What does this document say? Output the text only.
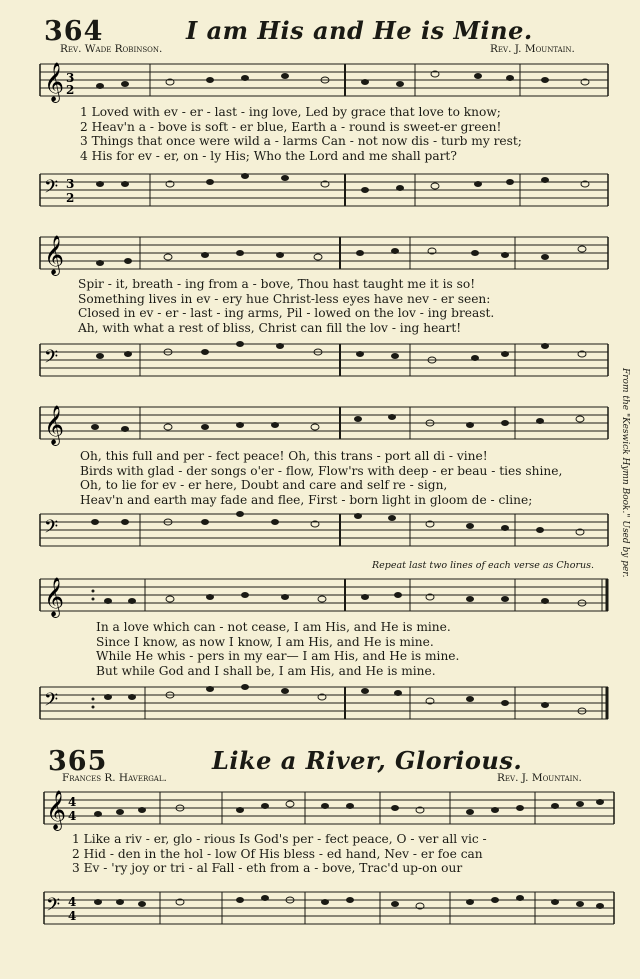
364	I am His and He is Mine.
Rev. Wade Robinson.	Rev. J. Mountain.
𝄞 3
2
1 Loved with ev - er - last - ing love, Led by grace that love to know;
2 Heav'n a - bove is soft - er blue, Earth a - round is sweet-er green!
3 Things that once were wild a - larms Can - not now dis - turb my rest;
4 His for ev - er, on - ly His; Who the Lord and me shall part?
𝄢 3
2
𝄞
Spir - it, breath - ing from a - bove, Thou hast taught me it is so!
Something lives in ev - ery hue Christ-less eyes have nev - er seen:
Closed in ev - er - last - ing arms, Pil - lowed on the lov - ing breast.
Ah, with what a rest of bliss, Christ can fill the lov - ing heart!
𝄢
𝄞
Oh, this full and per - fect peace! Oh, this trans - port all di - vine!
Birds with glad - der songs o'er - flow, Flow'rs with deep - er beau - ties shine,
Oh, to lie for ev - er here, Doubt and care and self re - sign,
Heav'n and earth may fade and flee, First - born light in gloom de - cline;
𝄢
Repeat last two lines of each verse as Chorus.
𝄞
In a love which can - not cease, I am His, and He is mine.
Since I know, as now I know, I am His, and He is mine.
While He whis - pers in my ear— I am His, and He is mine.
But while God and I shall be, I am His, and He is mine.
𝄢
From the "Keswick Hymn Book." Used by per.
365	Like a River, Glorious.
Frances R. Havergal.	Rev. J. Mountain.
𝄞 4
4
1 Like a riv - er, glo - rious Is God's per - fect peace, O - ver all vic -
2 Hid - den in the hol - low Of His bless - ed hand, Nev - er foe can
3 Ev - 'ry joy or tri - al Fall - eth from a - bove, Trac'd up-on our
𝄢 4
4
